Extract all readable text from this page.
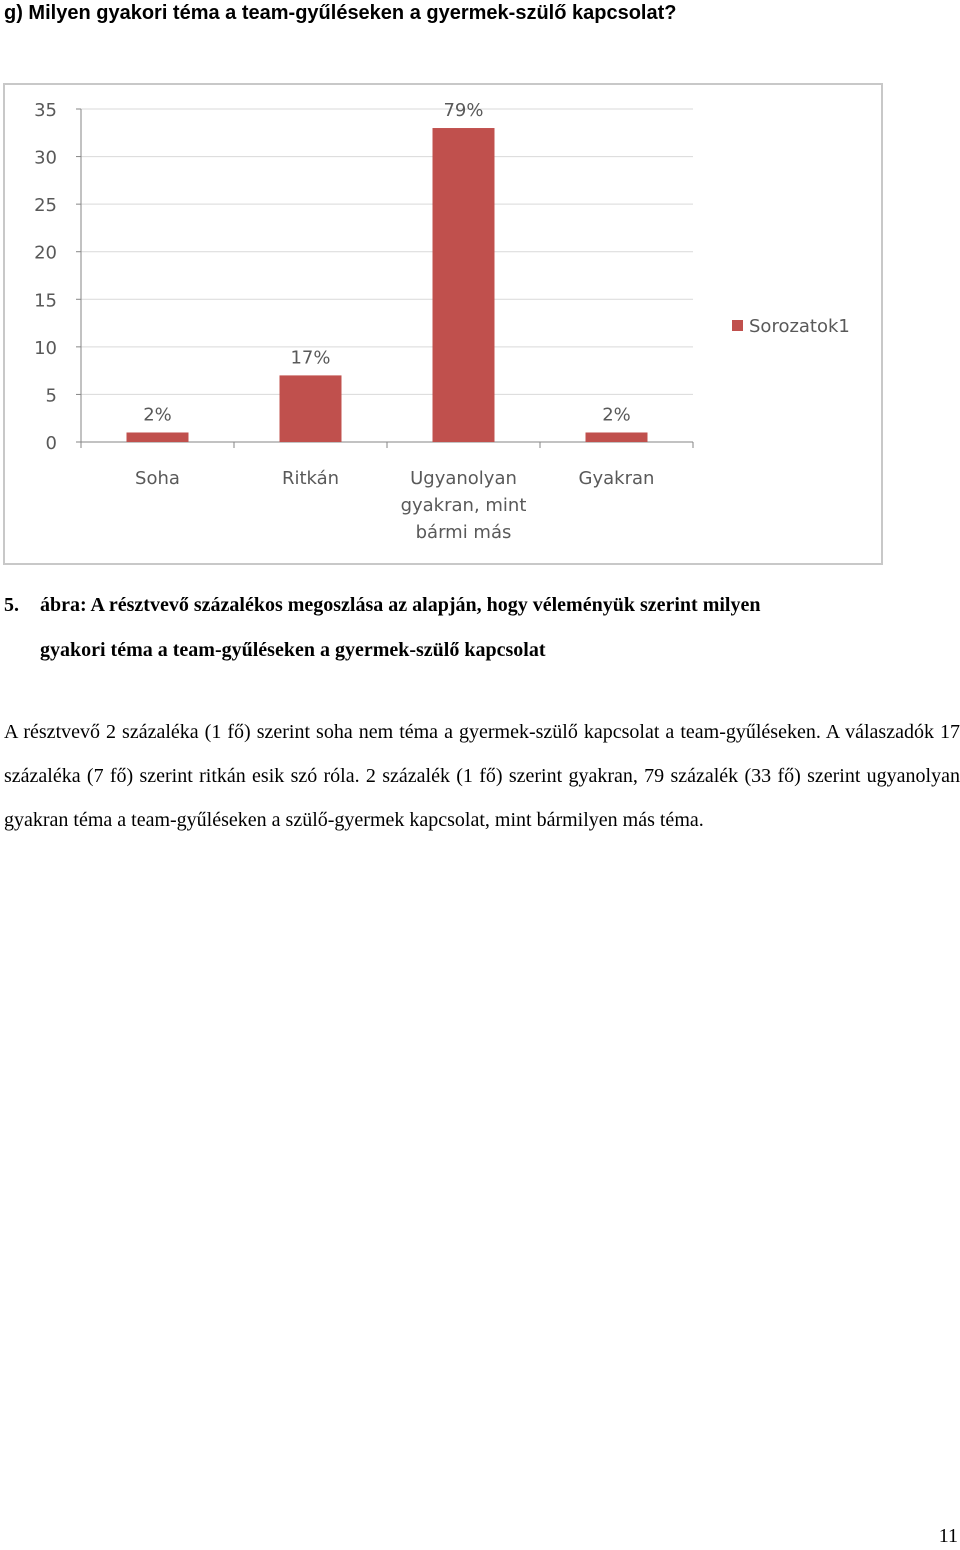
g) Milyen gyakori téma a team-gyűléseken a gyermek-szülő kapcsolat?
0
5
10
15
20
25
30
35
2%
Soha
17%
Ritkán
79%
Ugyanolyan
gyakran, mint
bármi más
2%
Gyakran
Sorozatok1
5. ábra: A résztvevő százalékos megoszlása az alapján, hogy véleményük szerint milyen
gyakori téma a team-gyűléseken a gyermek-szülő kapcsolat
A résztvevő 2 százaléka (1 fő) szerint soha nem téma a gyermek-szülő kapcsolat a team-gyűléseken. A válaszadók 17 százaléka (7 fő) szerint ritkán esik szó róla. 2 százalék (1 fő) szerint gyakran, 79 százalék (33 fő) szerint ugyanolyan gyakran téma a team-gyűléseken a szülő-gyermek kapcsolat, mint bármilyen más téma.
11
